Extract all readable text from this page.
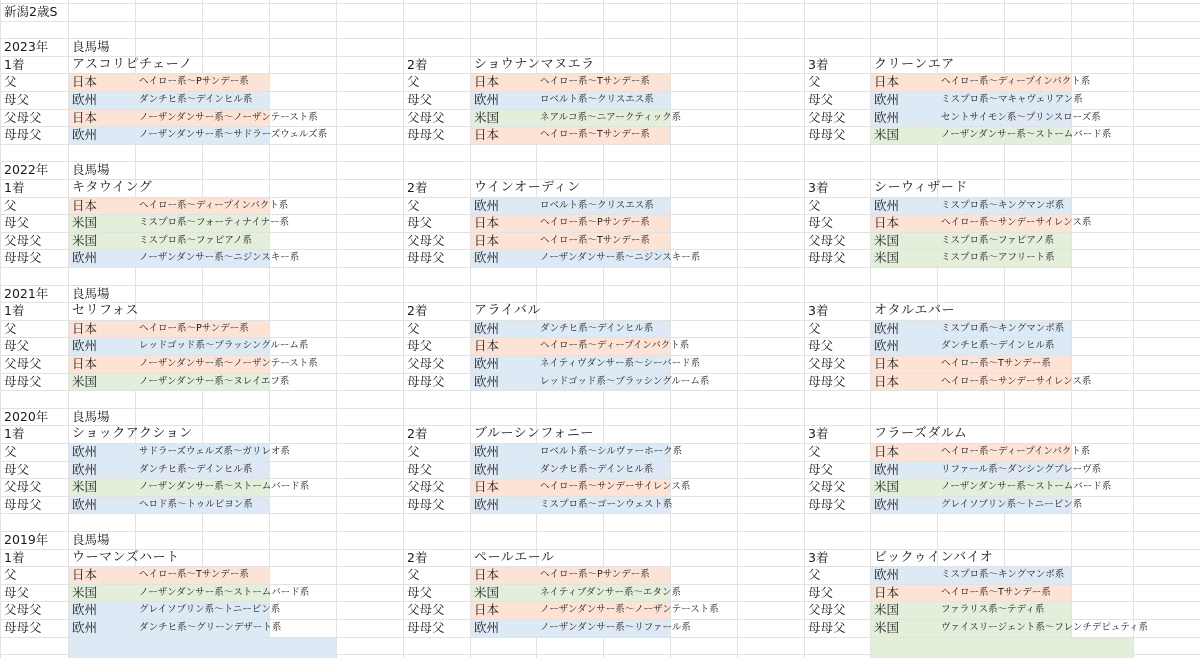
新潟2歳S
2023年 良馬場
1着	アスコリピチェーノ
父	日本	ヘイロー系〜Pサンデー系
母父	欧州	ダンチヒ系〜デインヒル系
父母父 日本	ノーザンダンサー系〜ノーザンテースト系
母母父 欧州	ノーザンダンサー系〜サドラーズウェルズ系
2着	ショウナンマヌエラ
父	日本	ヘイロー系〜Tサンデー系
母父	欧州	ロベルト系〜クリスエス系
父母父 米国	ネアルコ系〜ニアークティック系
母母父 日本	ヘイロー系〜Tサンデー系
3着	クリーンエア
父	日本	ヘイロー系〜ディープインパクト系
母父	欧州	ミスプロ系〜マキャヴェリアン系
父母父 欧州	セントサイモン系〜プリンスローズ系
母母父 米国	ノーザンダンサー系〜ストームバード系
2022年 良馬場
1着	キタウイング
父	日本	ヘイロー系〜ディープインパクト系
母父	米国	ミスプロ系〜フォーティナイナー系
父母父 米国	ミスプロ系〜ファピアノ系
母母父 欧州	ノーザンダンサー系〜ニジンスキー系
2着	ウインオーディン
父	欧州	ロベルト系〜クリスエス系
母父	日本	ヘイロー系〜Pサンデー系
父母父 日本	ヘイロー系〜Tサンデー系
母母父 欧州	ノーザンダンサー系〜ニジンスキー系
3着	シーウィザード
父	欧州	ミスプロ系〜キングマンボ系
母父	日本	ヘイロー系〜サンデーサイレンス系
父母父 米国	ミスプロ系〜ファピアノ系
母母父 米国	ミスプロ系〜アフリート系
2021年 良馬場
1着	セリフォス
父	日本	ヘイロー系〜Pサンデー系
母父	欧州	レッドゴッド系〜ブラッシングルーム系
父母父 日本	ノーザンダンサー系〜ノーザンテースト系
母母父 米国	ノーザンダンサー系〜ヌレイエフ系
2着	アライバル
父	欧州	ダンチヒ系〜デインヒル系
母父	日本	ヘイロー系〜ディープインパクト系
父母父 欧州	ネイティヴダンサー系〜シーバード系
母母父 欧州	レッドゴッド系〜ブラッシングルーム系
3着	オタルエバー
父	欧州	ミスプロ系〜キングマンボ系
母父	欧州	ダンチヒ系〜デインヒル系
父母父 日本	ヘイロー系〜Tサンデー系
母母父 日本	ヘイロー系〜サンデーサイレンス系
2020年 良馬場
1着	ショックアクション
父	欧州	サドラーズウェルズ系〜ガリレオ系
母父	欧州	ダンチヒ系〜デインヒル系
父母父 米国	ノーザンダンサー系〜ストームバード系
母母父 欧州	ヘロド系〜トゥルビヨン系
2着	ブルーシンフォニー
父	欧州	ロベルト系〜シルヴァーホーク系
母父	欧州	ダンチヒ系〜デインヒル系
父母父 日本	ヘイロー系〜サンデーサイレンス系
母母父 欧州	ミスプロ系〜ゴーンウェスト系
3着	フラーズダルム
父	日本	ヘイロー系〜ディープインパクト系
母父	欧州	リファール系〜ダンシングブレーヴ系
父母父 米国	ノーザンダンサー系〜ストームバード系
母母父 欧州	グレイソブリン系〜トニービン系
2019年 良馬場
1着	ウーマンズハート
父	日本	ヘイロー系〜Tサンデー系
母父	米国	ノーザンダンサー系〜ストームバード系
父母父 欧州	グレイソブリン系〜トニービン系
母母父 欧州	ダンチヒ系〜グリーンデザート系
2着	ペールエール
父	日本	ヘイロー系〜Pサンデー系
母父	米国	ネイティブダンサー系〜エタン系
父母父 日本	ノーザンダンサー系〜ノーザンテースト系
母母父 欧州	ノーザンダンサー系〜リファール系
3着	ビックゥインバイオ
父	欧州	ミスプロ系〜キングマンボ系
母父	日本	ヘイロー系〜Tサンデー系
父母父 米国	ファラリス系〜テディ系
母母父 米国	ヴァイスリージェント系〜フレンチデピュティ系
